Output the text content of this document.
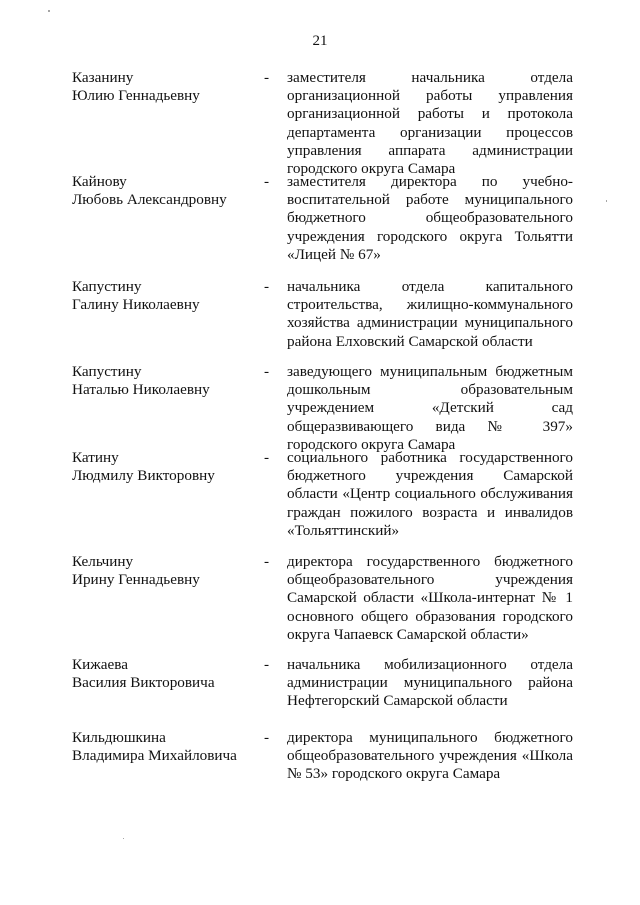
21
Казанину
Юлию Геннадьевну
-	заместителя начальника отдела организационной работы управления организационной работы и протокола департамента организации процессов управления аппарата администрации городского округа Самара
Кайнову
Любовь Александровну
-	заместителя директора по учебно-воспитательной работе муниципального бюджетного общеобразовательного учреждения городского округа Тольятти «Лицей № 67»
Капустину
Галину Николаевну
-	начальника отдела капитального строительства, жилищно-коммунального хозяйства администрации муниципального района Елховский Самарской области
Капустину
Наталью Николаевну
-	заведующего муниципальным бюджетным дошкольным образовательным учреждением «Детский сад общеразвивающего вида № 397» городского округа Самара
Катину
Людмилу Викторовну
-	социального работника государственного бюджетного учреждения Самарской области «Центр социального обслуживания граждан пожилого возраста и инвалидов «Тольяттинский»
Кельчину
Ирину Геннадьевну
-	директора государственного бюджетного общеобразовательного учреждения Самарской области «Школа-интернат № 1 основного общего образования городского округа Чапаевск Самарской области»
Кижаева
Василия Викторовича
-	начальника мобилизационного отдела администрации муниципального района Нефтегорский Самарской области
Кильдюшкина
Владимира Михайловича
-	директора муниципального бюджетного общеобразовательного учреждения «Школа № 53» городского округа Самара
